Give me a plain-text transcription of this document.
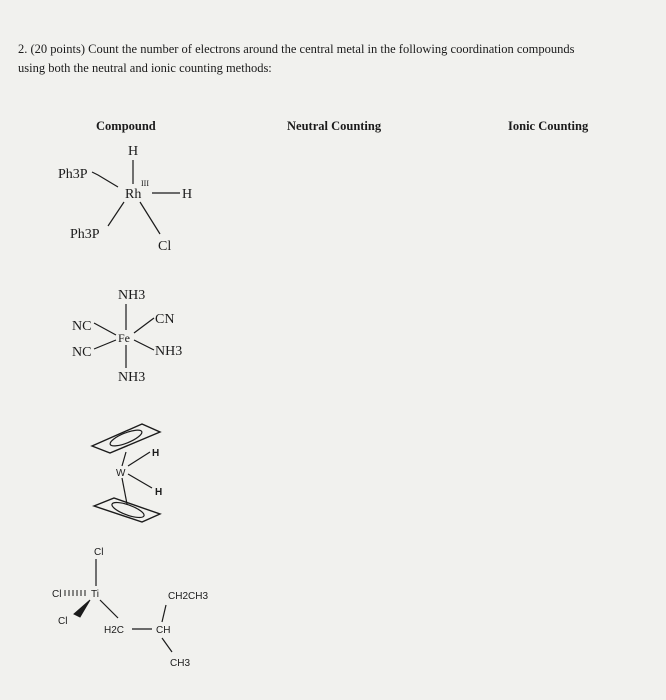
2. (20 points) Count the number of electrons around the central metal in the following coordination compounds
using both the neutral and ionic counting methods:
Compound	Neutral Counting	Ionic Counting
H
Ph3P
Rh
III
H
Ph3P
Cl
NH3
NC	CN
Fe
NC	NH3
NH3
W
H
H
Cl
Cl	Ti
Cl
H2C	CH
CH2CH3
CH3
